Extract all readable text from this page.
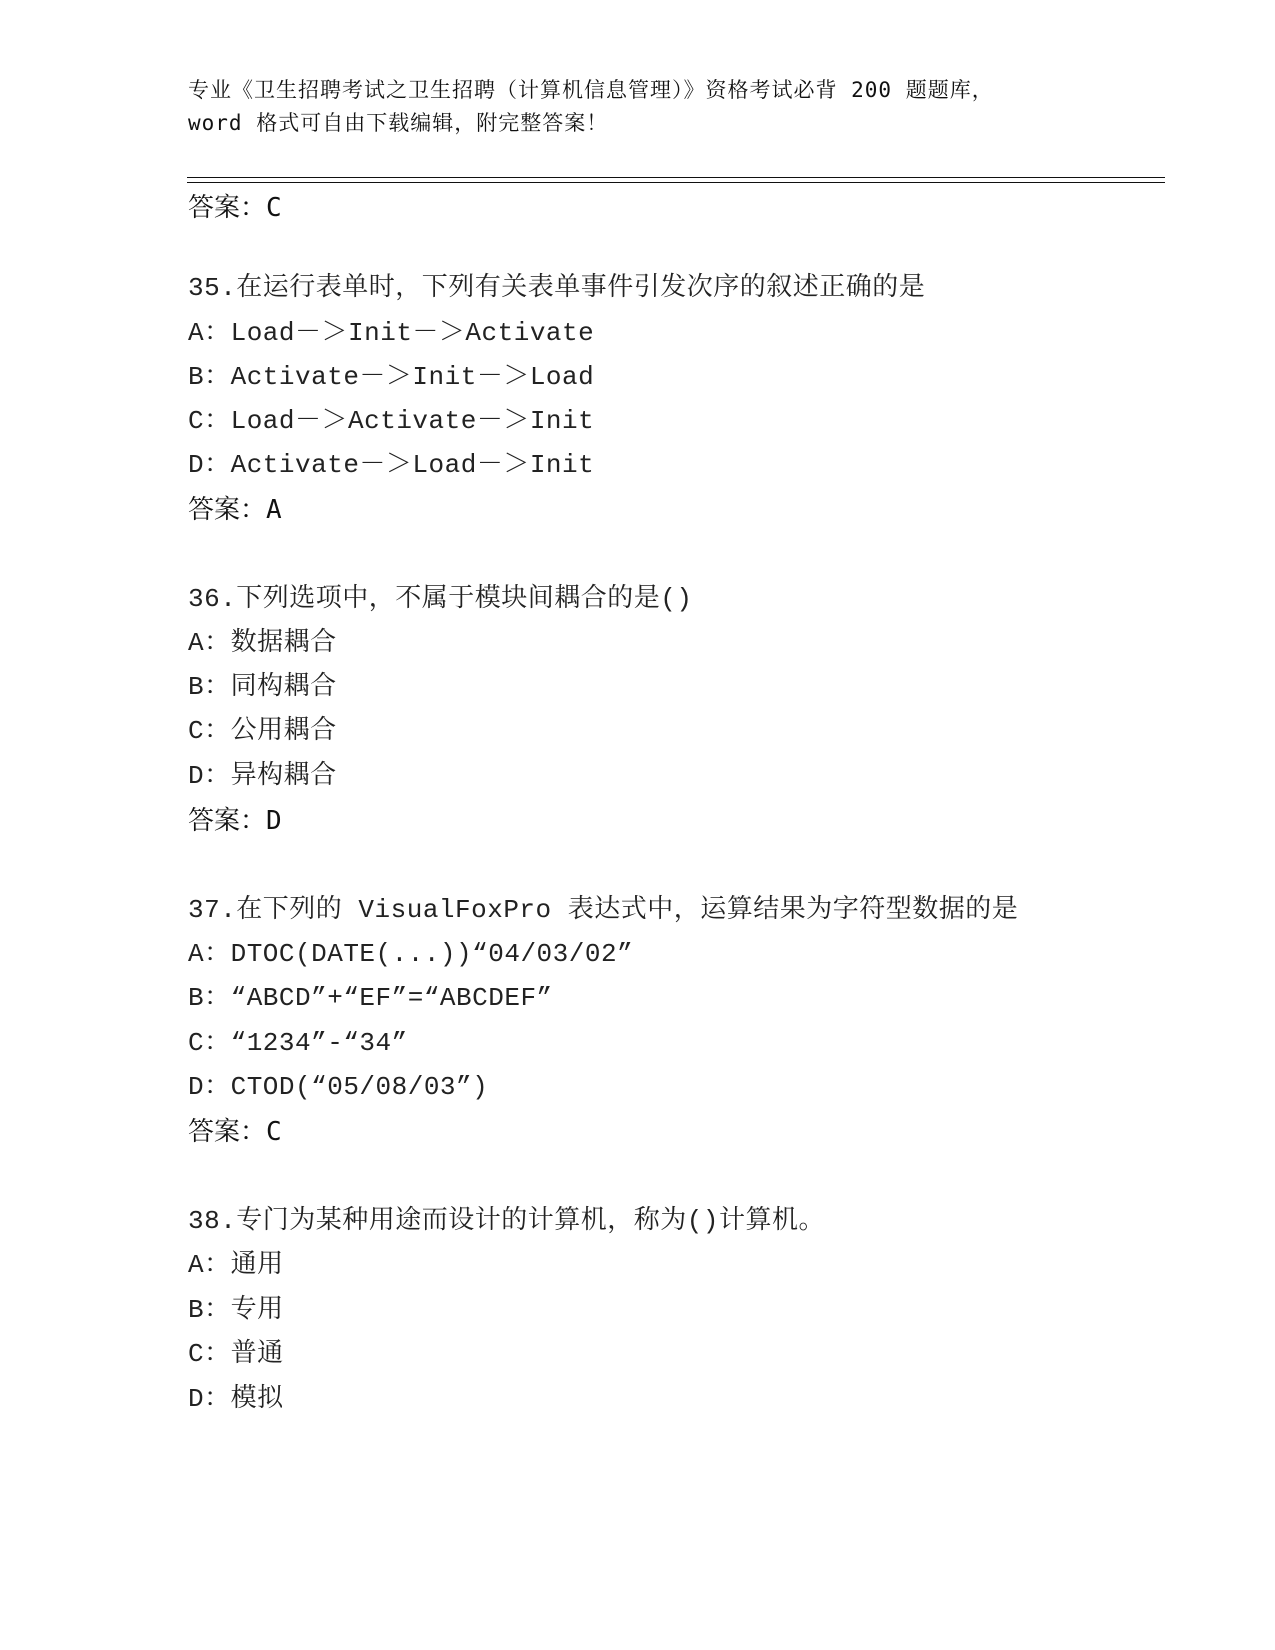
专业《卫生招聘考试之卫生招聘（计算机信息管理）》资格考试必背 200 题题库，
word 格式可自由下载编辑，附完整答案！
答案：C
35.在运行表单时，下列有关表单事件引发次序的叙述正确的是
A：Load－＞Init－＞Activate
B：Activate－＞Init－＞Load
C：Load－＞Activate－＞Init
D：Activate－＞Load－＞Init
答案：A
36.下列选项中，不属于模块间耦合的是()
A：数据耦合
B：同构耦合
C：公用耦合
D：异构耦合
答案：D
37.在下列的 VisualFoxPro 表达式中，运算结果为字符型数据的是
A：DTOC(DATE(...))“04/03/02”
B：“ABCD”+“EF”=“ABCDEF”
C：“1234”-“34”
D：CTOD(“05/08/03”)
答案：C
38.专门为某种用途而设计的计算机，称为()计算机。
A：通用
B：专用
C：普通
D：模拟
